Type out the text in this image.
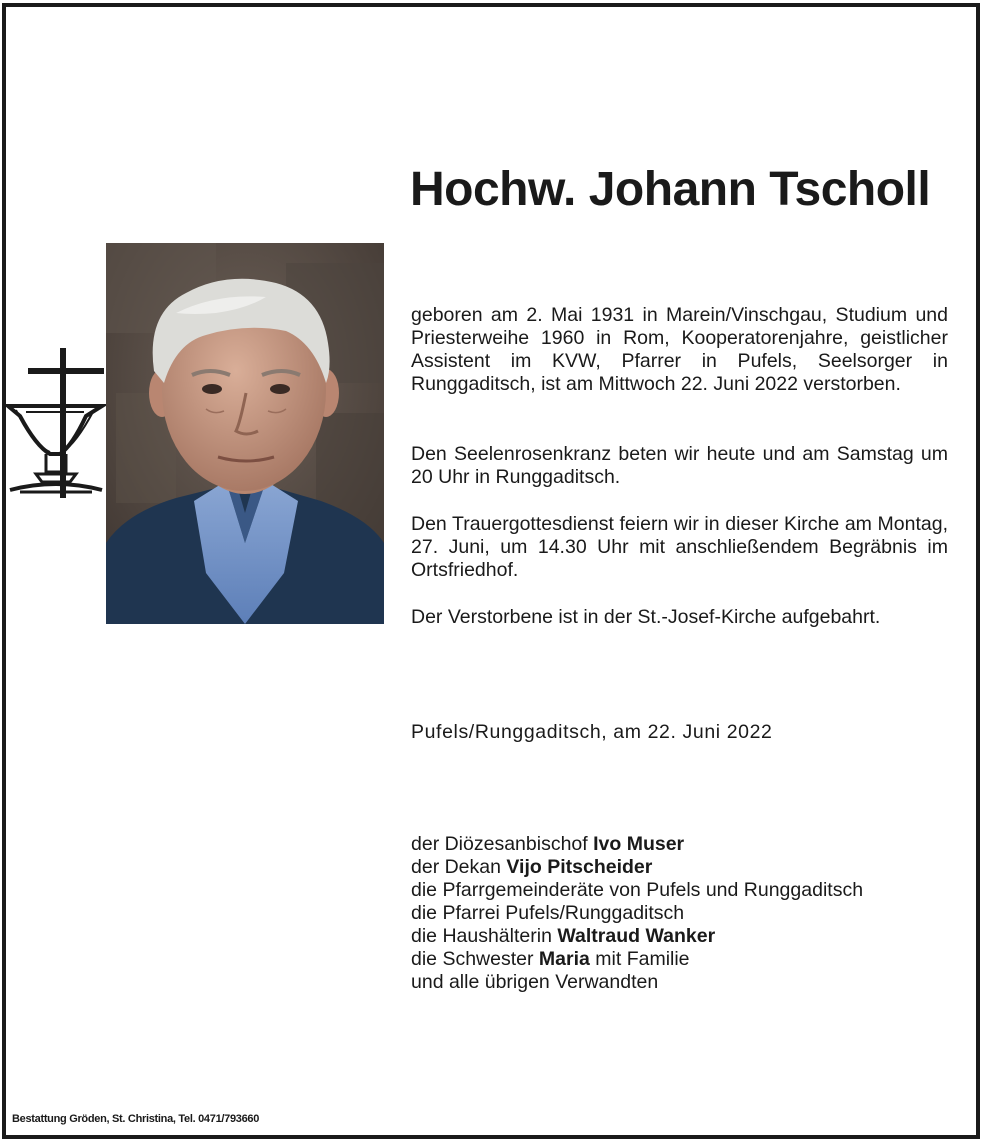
Hochw. Johann Tscholl

geboren am 2. Mai 1931 in Marein/Vinschgau, Studium und Priesterweihe 1960 in Rom, Kooperatorenjahre, geistlicher Assistent im KVW, Pfarrer in Pufels, Seelsorger in Runggaditsch, ist am Mittwoch 22. Juni 2022 verstorben.

Den Seelenrosenkranz beten wir heute und am Samstag um 20 Uhr in Runggaditsch.

Den Trauergottesdienst feiern wir in dieser Kirche am Montag, 27. Juni, um 14.30 Uhr mit anschließendem Begräbnis im Ortsfriedhof.

Der Verstorbene ist in der St.-Josef-Kirche aufgebahrt.

Pufels/Runggaditsch, am 22. Juni 2022
der Diözesanbischof Ivo Muser
der Dekan Vijo Pitscheider
die Pfarrgemeinderäte von Pufels und Runggaditsch
die Pfarrei Pufels/Runggaditsch
die Haushälterin Waltraud Wanker
die Schwester Maria mit Familie
und alle übrigen Verwandten
Bestattung Gröden, St. Christina, Tel. 0471/793660
